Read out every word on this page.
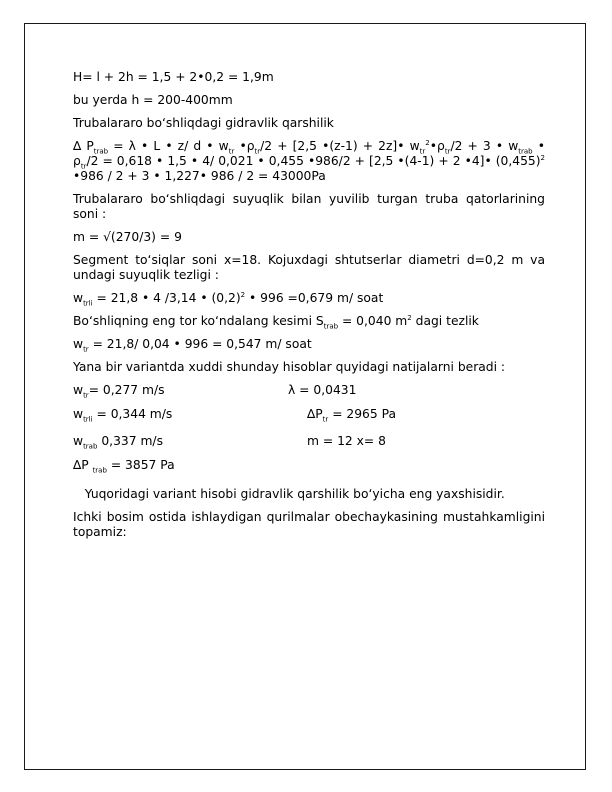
H= l + 2h = 1,5 + 2•0,2 = 1,9m

bu yerda h = 200-400mm

Trubalararo bo‘shliqdagi gidravlik qarshilik

∆ $P_{trab} = \lambda$ • L • z/ d • $w_{tr}$ $•\rho_{tr}/2 + [2,5$ •(z-1) + 2z]• $w_{tr}^2•\rho_{tr}/2 + 3$ • $w_{trab}$ • $\rho_{tr}/2 = 0,618$ • 1,5 • 4/ 0,021 • 0,455 •986/2 + [2,5 •(4-1) + 2 •4]• $(0,455)^2$ •986 / 2 + 3 • 1,227• 986 / 2 = 43000Pa

Trubalararo bo‘shliqdagi suyuqlik bilan yuvilib turgan truba qatorlarining soni :

m = √(270/3) = 9

Segment to‘siqlar soni x=18. Kojuxdagi shtutserlar diametri d=0,2 m va undagi suyuqlik tezligi :

$w_{trli} = 21,8$ • 4 /3,14 • $(0,2)^2$ • 996 =0,679 m/ soat

Bo‘shliqning eng tor ko‘ndalang kesimi $S_{trab} = 0,040$ $m^2$ dagi tezlik

$w_{tr} = 21,8/$ 0,04 • 996 = 0,547 m/ soat

Yana bir variantda xuddi shunday hisoblar quyidagi natijalarni beradi :

$w_{tr}= 0,277$ m/s	λ = 0,0431
$w_{trli} = 0,344$ m/s	$\Delta P_{tr} = 2965$ Pa
$w_{trab}$ 0,337 m/s	m = 12 x= 8
∆P $_{trab}$ = 3857 Pa

Yuqoridagi variant hisobi gidravlik qarshilik bo‘yicha eng yaxshisidir.

Ichki bosim ostida ishlaydigan qurilmalar obechaykasining mustahkamligini topamiz:
